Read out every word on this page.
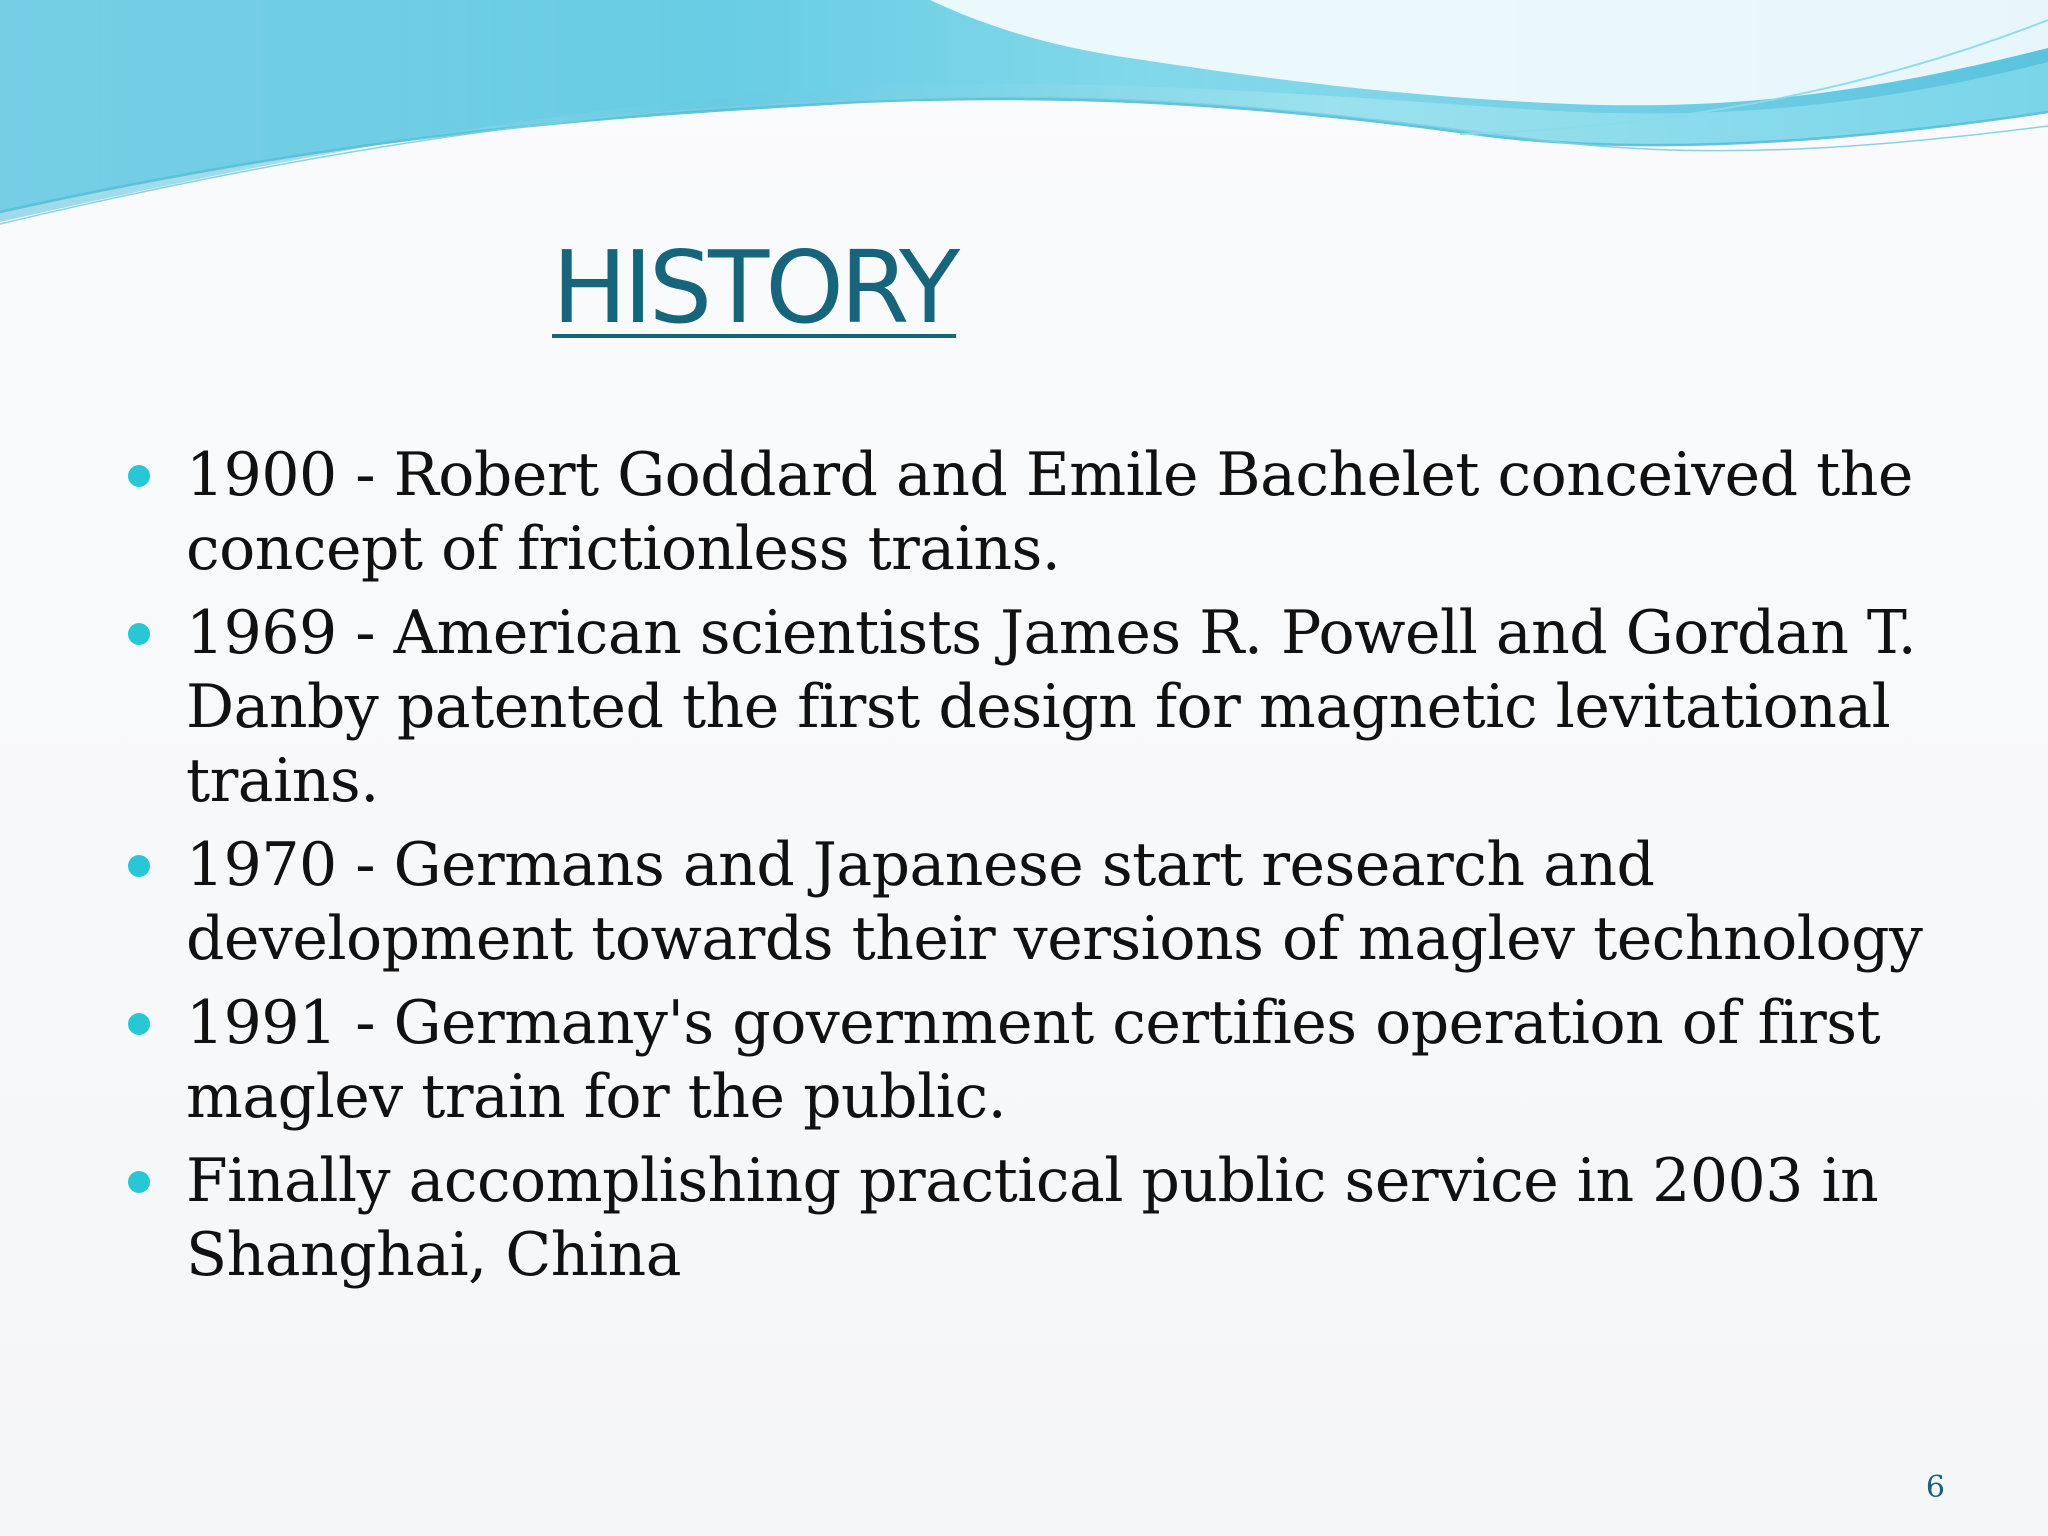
HISTORY
1900 - Robert Goddard and Emile Bachelet conceived the concept of frictionless trains.
1969 - American scientists James R. Powell and Gordan T. Danby patented the first design for magnetic levitational trains.
1970 - Germans and Japanese start research and development towards their versions of maglev technology
1991 - Germany's government certifies operation of first maglev train for the public.
Finally accomplishing practical public service in 2003 in Shanghai, China
6
